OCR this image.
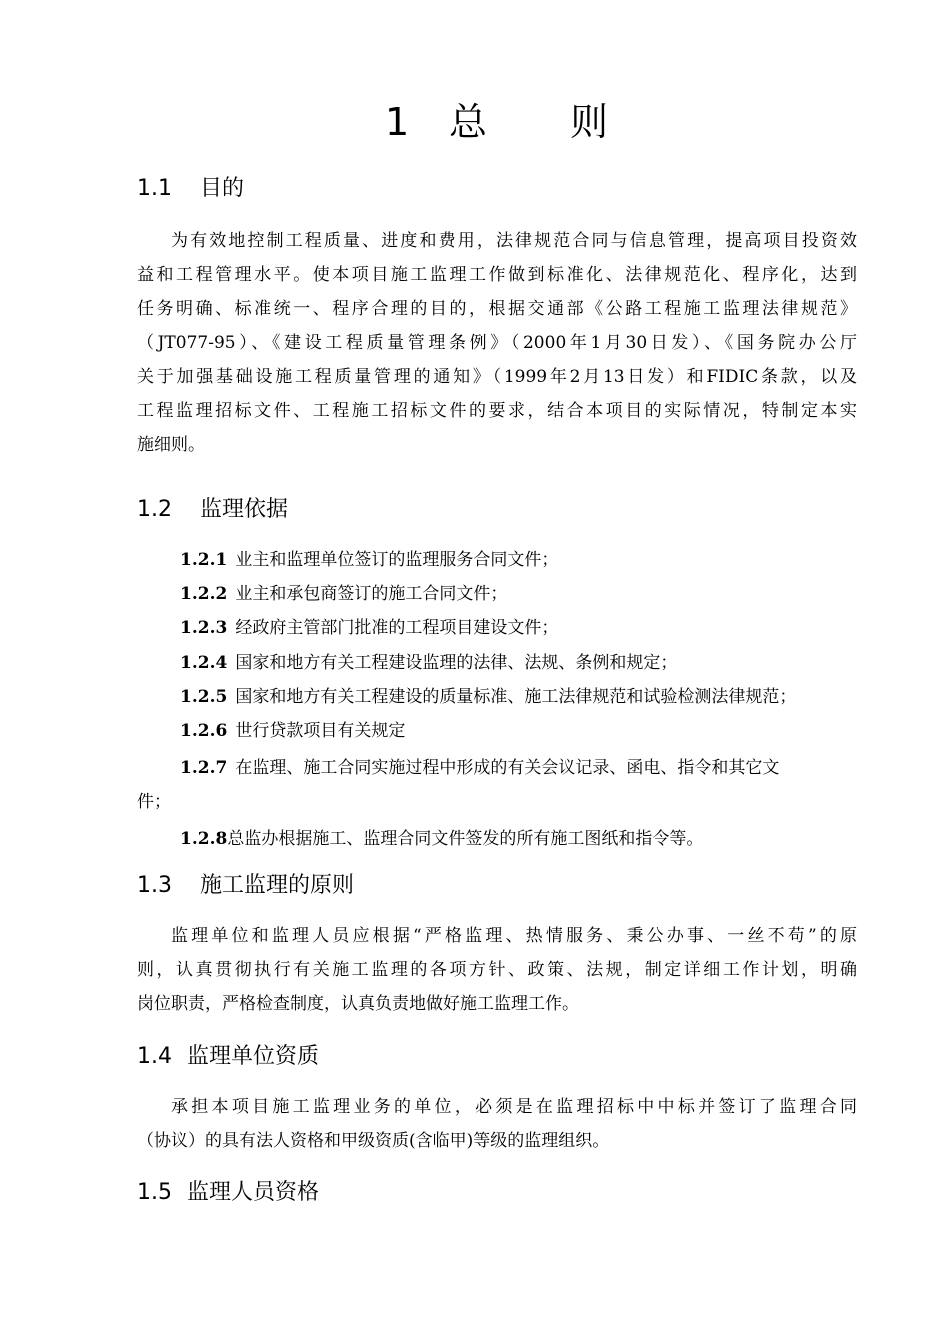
1 总 则
1.1 目的
为有效地控制工程质量、进度和费用，法律规范合同与信息管理，提高项目投资效
益和工程管理水平。使本项目施工监理工作做到标准化、法律规范化、程序化，达到
任务明确、标准统一、程序合理的目的，根据交通部《公路工程施工监理法律规范》
（JT077-95）、《建设工程质量管理条例》（2000年1月30日发）、《国务院办公厅
关于加强基础设施工程质量管理的通知》（1999年2月13日发）和FIDIC条款，以及
工程监理招标文件、工程施工招标文件的要求，结合本项目的实际情况，特制定本实
施细则。
1.2 监理依据
1.2.1 业主和监理单位签订的监理服务合同文件；
1.2.2 业主和承包商签订的施工合同文件；
1.2.3 经政府主管部门批准的工程项目建设文件；
1.2.4 国家和地方有关工程建设监理的法律、法规、条例和规定；
1.2.5 国家和地方有关工程建设的质量标准、施工法律规范和试验检测法律规范；
1.2.6 世行贷款项目有关规定
1.2.7 在监理、施工合同实施过程中形成的有关会议记录、函电、指令和其它文
件；
1.2.8总监办根据施工、监理合同文件签发的所有施工图纸和指令等。
1.3 施工监理的原则
监理单位和监理人员应根据“严格监理、热情服务、秉公办事、一丝不苟”的原
则，认真贯彻执行有关施工监理的各项方针、政策、法规，制定详细工作计划，明确
岗位职责，严格检查制度，认真负责地做好施工监理工作。
1.4 监理单位资质
承担本项目施工监理业务的单位，必须是在监理招标中中标并签订了监理合同
（协议）的具有法人资格和甲级资质(含临甲)等级的监理组织。
1.5 监理人员资格
